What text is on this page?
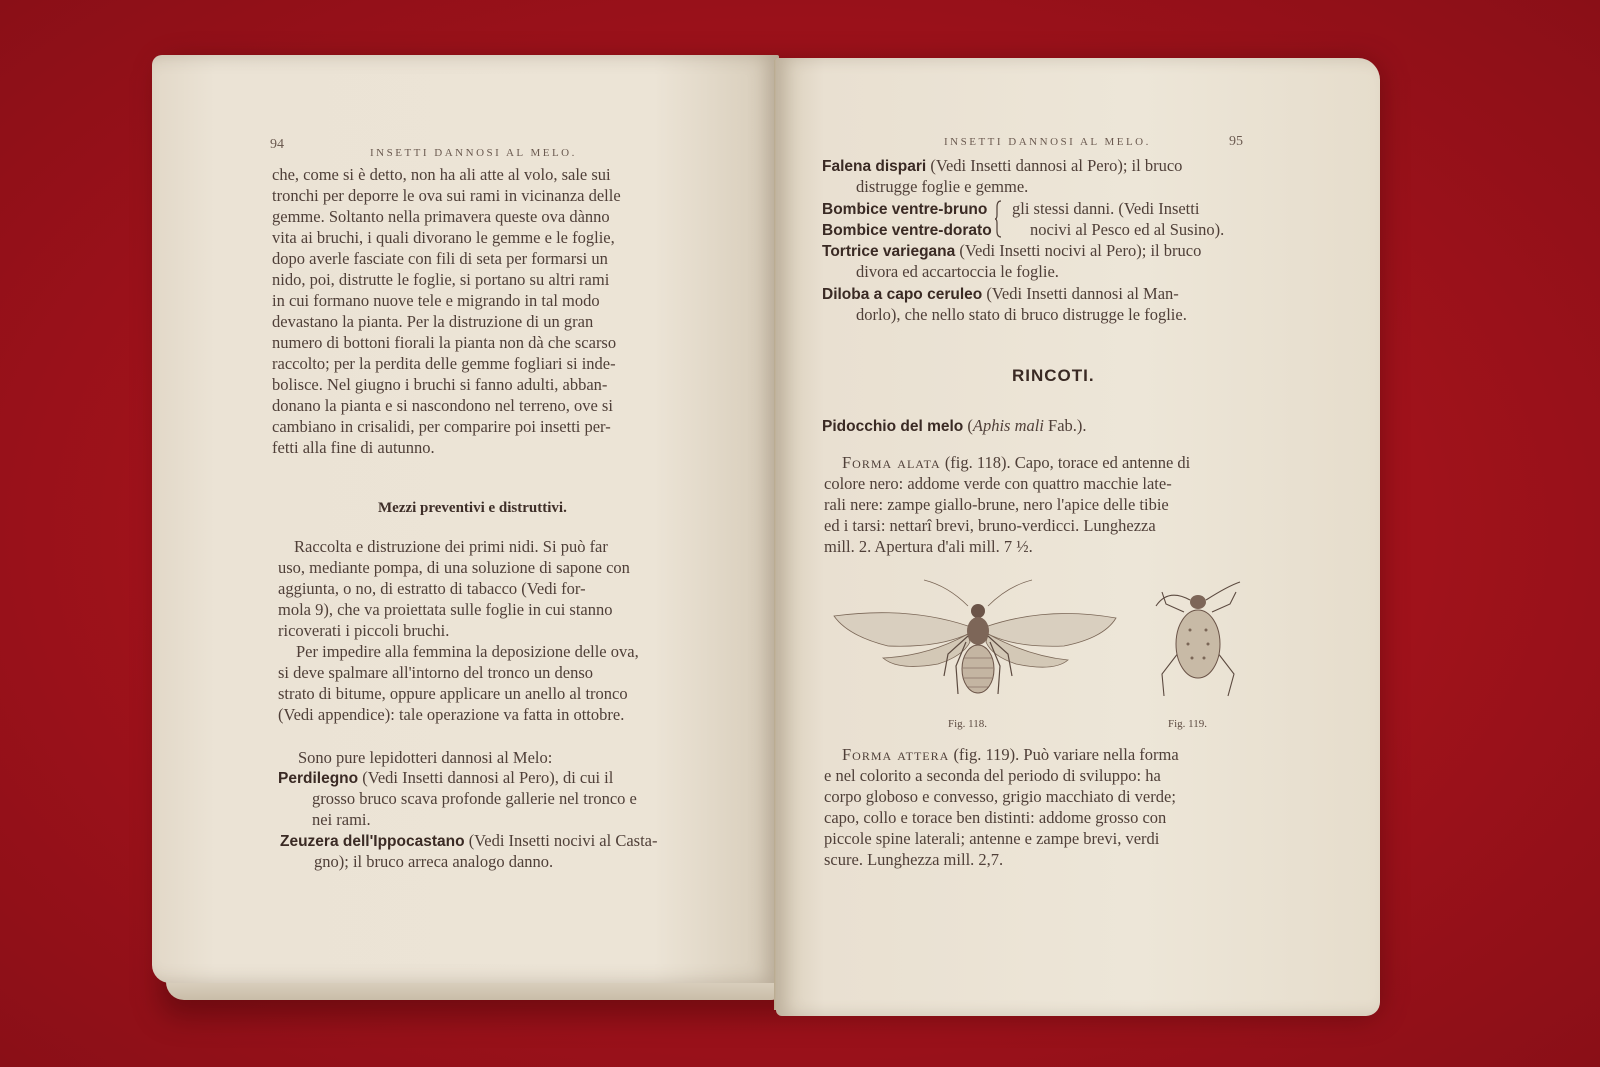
94
INSETTI DANNOSI AL MELO.
che, come si è detto, non ha ali atte al volo, sale sui
tronchi per deporre le ova sui rami in vicinanza delle
gemme. Soltanto nella primavera queste ova dànno
vita ai bruchi, i quali divorano le gemme e le foglie,
dopo averle fasciate con fili di seta per formarsi un
nido, poi, distrutte le foglie, si portano su altri rami
in cui formano nuove tele e migrando in tal modo
devastano la pianta. Per la distruzione di un gran
numero di bottoni fiorali la pianta non dà che scarso
raccolto; per la perdita delle gemme fogliari si inde-
bolisce. Nel giugno i bruchi si fanno adulti, abban-
donano la pianta e si nascondono nel terreno, ove si
cambiano in crisalidi, per comparire poi insetti per-
fetti alla fine di autunno.
Mezzi preventivi e distruttivi.
Raccolta e distruzione dei primi nidi. Si può far
uso, mediante pompa, di una soluzione di sapone con
aggiunta, o no, di estratto di tabacco (Vedi for-
mola 9), che va proiettata sulle foglie in cui stanno
ricoverati i piccoli bruchi.
Per impedire alla femmina la deposizione delle ova,
si deve spalmare all'intorno del tronco un denso
strato di bitume, oppure applicare un anello al tronco
(Vedi appendice): tale operazione va fatta in ottobre.
Sono pure lepidotteri dannosi al Melo:
Perdilegno (Vedi Insetti dannosi al Pero), di cui il
grosso bruco scava profonde gallerie nel tronco e
nei rami.
Zeuzera dell'Ippocastano (Vedi Insetti nocivi al Casta-
gno); il bruco arreca analogo danno.
INSETTI DANNOSI AL MELO.	95
Falena dispari (Vedi Insetti dannosi al Pero); il bruco
distrugge foglie e gemme.
Bombice ventre-bruno
Bombice ventre-dorato
gli stessi danni. (Vedi Insetti
nocivi al Pesco ed al Susino).
Tortrice variegana (Vedi Insetti nocivi al Pero); il bruco
divora ed accartoccia le foglie.
Diloba a capo ceruleo (Vedi Insetti dannosi al Man-
dorlo), che nello stato di bruco distrugge le foglie.
RINCOTI.
Pidocchio del melo (Aphis mali Fab.).
Forma alata (fig. 118). Capo, torace ed antenne di
colore nero: addome verde con quattro macchie late-
rali nere: zampe giallo-brune, nero l'apice delle tibie
ed i tarsi: nettarî brevi, bruno-verdicci. Lunghezza
mill. 2. Apertura d'ali mill. 7 ½.
Fig. 118.	Fig. 119.
Forma attera (fig. 119). Può variare nella forma
e nel colorito a seconda del periodo di sviluppo: ha
corpo globoso e convesso, grigio macchiato di verde;
capo, collo e torace ben distinti: addome grosso con
piccole spine laterali; antenne e zampe brevi, verdi
scure. Lunghezza mill. 2,7.
